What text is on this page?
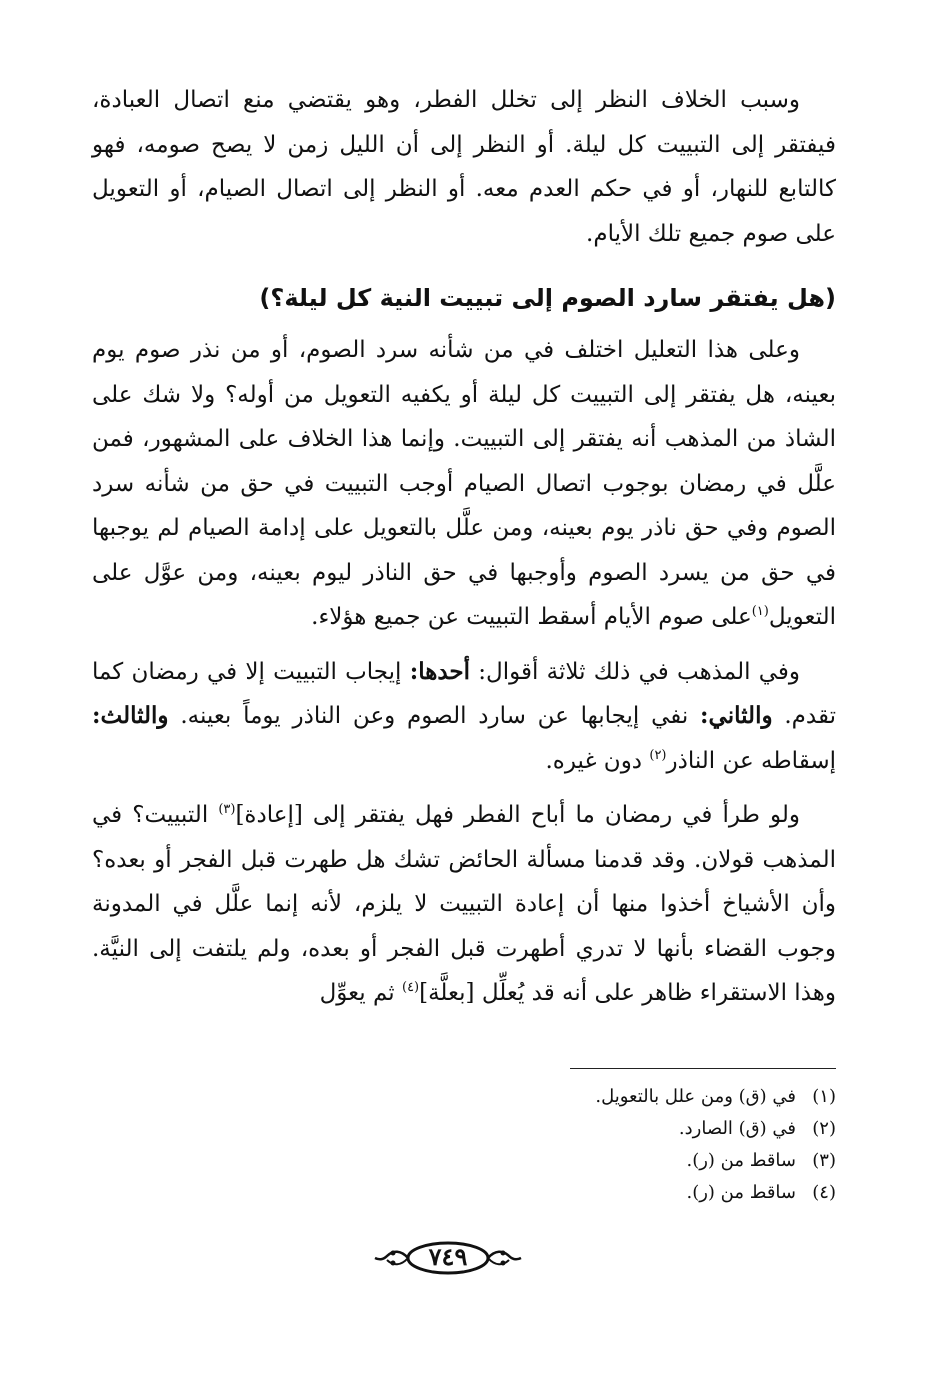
وسبب الخلاف النظر إلى تخلل الفطر، وهو يقتضي منع اتصال العبادة، فيفتقر إلى التبييت كل ليلة. أو النظر إلى أن الليل زمن لا يصح صومه، فهو كالتابع للنهار، أو في حكم العدم معه. أو النظر إلى اتصال الصيام، أو التعويل على صوم جميع تلك الأيام.

(هل يفتقر سارد الصوم إلى تبييت النية كل ليلة؟)

وعلى هذا التعليل اختلف في من شأنه سرد الصوم، أو من نذر صوم يوم بعينه، هل يفتقر إلى التبييت كل ليلة أو يكفيه التعويل من أوله؟ ولا شك على الشاذ من المذهب أنه يفتقر إلى التبييت. وإنما هذا الخلاف على المشهور، فمن علَّل في رمضان بوجوب اتصال الصيام أوجب التبييت في حق من شأنه سرد الصوم وفي حق ناذر يوم بعينه، ومن علَّل بالتعويل على إدامة الصيام لم يوجبها في حق من يسرد الصوم وأوجبها في حق الناذر ليوم بعينه، ومن عوَّل على التعويل$^{(١)}$على صوم الأيام أسقط التبييت عن جميع هؤلاء.

وفي المذهب في ذلك ثلاثة أقوال: أحدها: إيجاب التبييت إلا في رمضان كما تقدم. والثاني: نفي إيجابها عن سارد الصوم وعن الناذر يوماً بعينه. والثالث: إسقاطه عن الناذر$^{(٢)}$ دون غيره.

ولو طرأ في رمضان ما أباح الفطر فهل يفتقر إلى [إعادة]$^{(٣)}$ التبييت؟ في المذهب قولان. وقد قدمنا مسألة الحائض تشك هل طهرت قبل الفجر أو بعده؟ وأن الأشياخ أخذوا منها أن إعادة التبييت لا يلزم، لأنه إنما علَّل في المدونة وجوب القضاء بأنها لا تدري أطهرت قبل الفجر أو بعده، ولم يلتفت إلى النيَّة. وهذا الاستقراء ظاهر على أنه قد يُعلِّل [بعلَّة]$^{(٤)}$ ثم يعوِّل

(١)في (ق) ومن علل بالتعويل.

(٢)في (ق) الصارد.

(٣)ساقط من (ر).

(٤)ساقط من (ر).

٧٤٩
